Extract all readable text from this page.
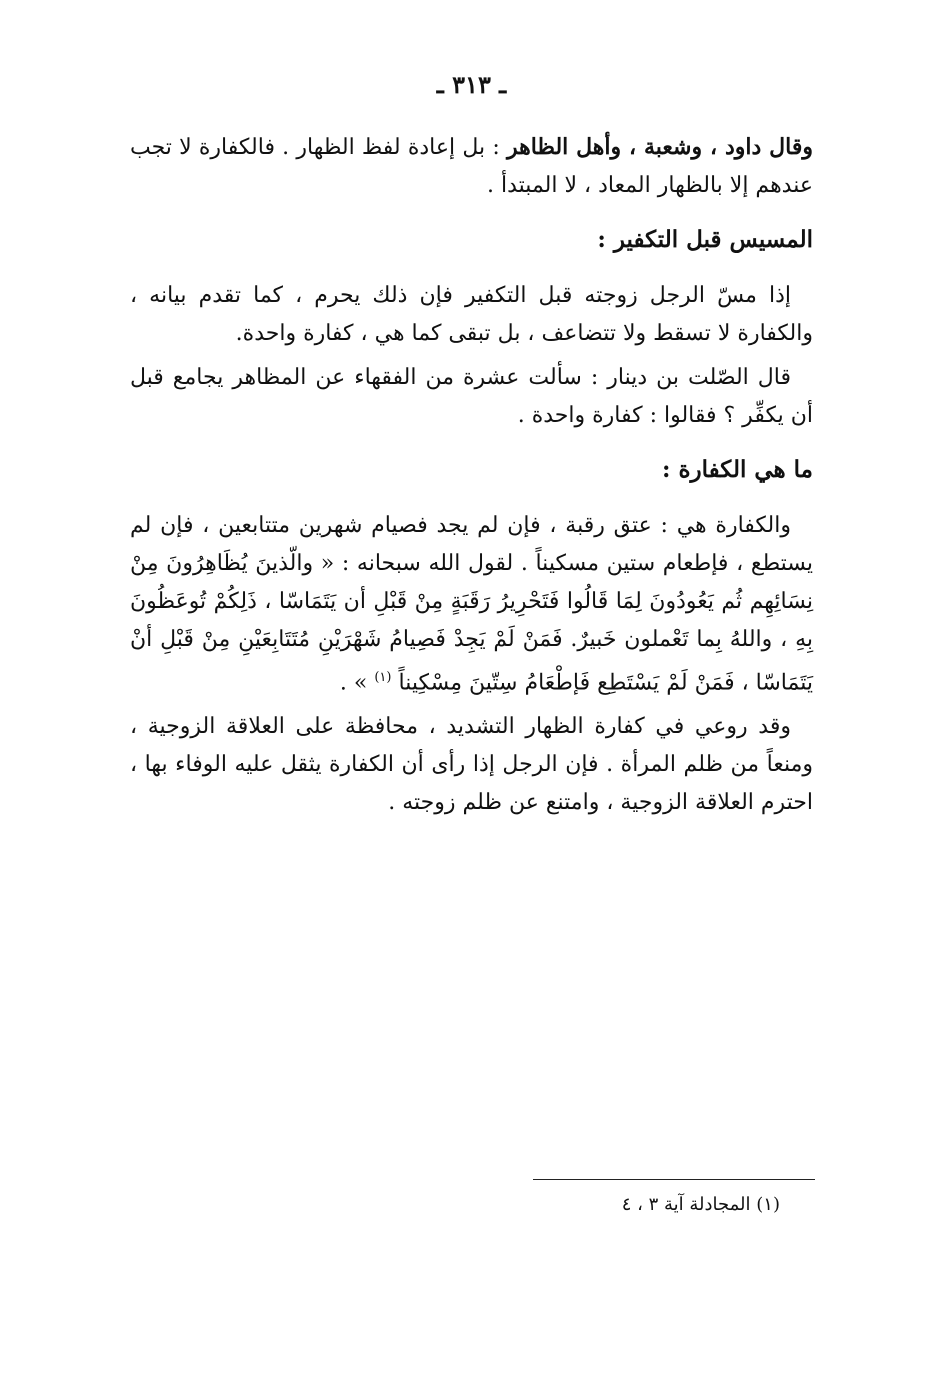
ـ ٣١٣ ـ

وقال داود ، وشعبة ، وأهل الظاهر : بل إعادة لفظ الظهار . فالكفارة لا تجب عندهم إلا بالظهار المعاد ، لا المبتدأ .

المسيس قبل التكفير :

إذا مسّ الرجل زوجته قبل التكفير فإن ذلك يحرم ، كما تقدم بيانه ، والكفارة لا تسقط ولا تتضاعف ، بل تبقى كما هي ، كفارة واحدة.

قال الصّلت بن دينار : سألت عشرة من الفقهاء عن المظاهر يجامع قبل أن يكفِّر ؟ فقالوا : كفارة واحدة .

ما هي الكفارة :

والكفارة هي : عتق رقبة ، فإن لم يجد فصيام شهرين متتابعين ، فإن لم يستطع ، فإطعام ستين مسكيناً . لقول الله سبحانه : « والّذينَ يُظَاهِرُونَ مِنْ نِسَائِهِم ثُم يَعُودُونَ لِمَا قَالُوا فَتَحْرِيرُ رَقَبَةٍ مِنْ قَبْلِ أن يَتَمَاسّا ، ذَلِكُمْ تُوعَظُونَ بِهِ ، واللهُ بِما تَعْملون خَبيرٌ. فَمَنْ لَمْ يَجِدْ فَصِيامُ شَهْرَيْنِ مُتَتَابِعَيْنِ مِنْ قَبْلِ أنْ يَتَمَاسّا ، فَمَنْ لَمْ يَسْتَطِع فَإطْعَامُ سِتّينَ مِسْكِيناً $^{(١)}$ » .

وقد روعي في كفارة الظهار التشديد ، محافظة على العلاقة الزوجية ، ومنعاً من ظلم المرأة . فإن الرجل إذا رأى أن الكفارة يثقل عليه الوفاء بها ، احترم العلاقة الزوجية ، وامتنع عن ظلم زوجته .

(١) المجادلة آية ٣ ، ٤
